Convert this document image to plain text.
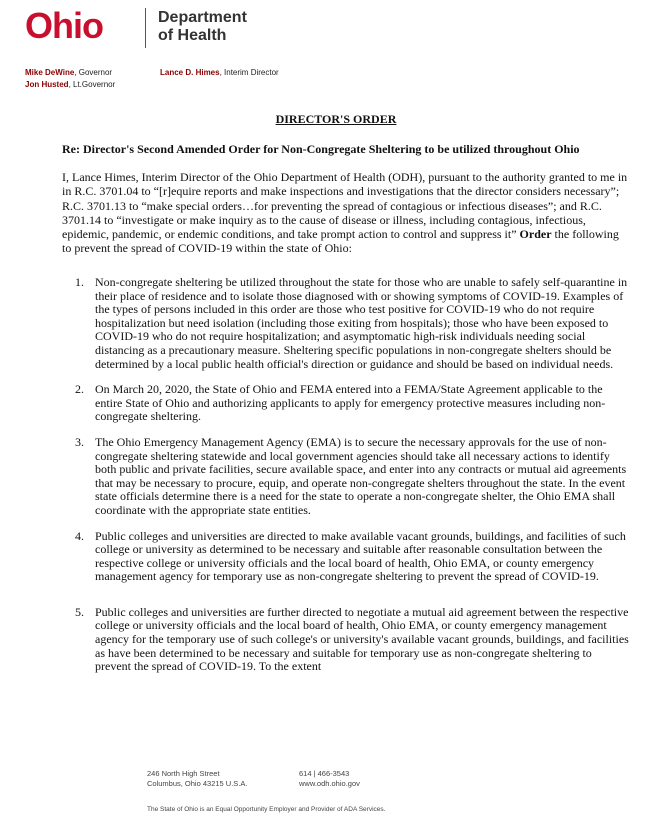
Ohio	Department
of Health
Mike DeWine, Governor
Jon Husted, Lt.Governor
Lance D. Himes, Interim Director
DIRECTOR'S ORDER
Re: Director's Second Amended Order for Non-Congregate Sheltering to be utilized throughout Ohio
I, Lance Himes, Interim Director of the Ohio Department of Health (ODH), pursuant to the authority granted to me in in R.C. 3701.04 to “[r]equire reports and make inspections and investigations that the director considers necessary”; R.C. 3701.13 to “make special orders…for preventing the spread of contagious or infectious diseases”; and R.C. 3701.14 to “investigate or make inquiry as to the cause of disease or illness, including contagious, infectious, epidemic, pandemic, or endemic conditions, and take prompt action to control and suppress it” Order the following to prevent the spread of COVID-19 within the state of Ohio:
1. Non-congregate sheltering be utilized throughout the state for those who are unable to safely self-quarantine in their place of residence and to isolate those diagnosed with or showing symptoms of COVID-19. Examples of the types of persons included in this order are those who test positive for COVID-19 who do not require hospitalization but need isolation (including those exiting from hospitals); those who have been exposed to COVID-19 who do not require hospitalization; and asymptomatic high-risk individuals needing social distancing as a precautionary measure. Sheltering specific populations in non-congregate shelters should be determined by a local public health official's direction or guidance and should be based on individual needs.
2. On March 20, 2020, the State of Ohio and FEMA entered into a FEMA/State Agreement applicable to the entire State of Ohio and authorizing applicants to apply for emergency protective measures including non-congregate sheltering.
3. The Ohio Emergency Management Agency (EMA) is to secure the necessary approvals for the use of non-congregate sheltering statewide and local government agencies should take all necessary actions to identify both public and private facilities, secure available space, and enter into any contracts or mutual aid agreements that may be necessary to procure, equip, and operate non-congregate shelters throughout the state. In the event state officials determine there is a need for the state to operate a non-congregate shelter, the Ohio EMA shall coordinate with the appropriate state entities.
4. Public colleges and universities are directed to make available vacant grounds, buildings, and facilities of such college or university as determined to be necessary and suitable after reasonable consultation between the respective college or university officials and the local board of health, Ohio EMA, or county emergency management agency for temporary use as non-congregate sheltering to prevent the spread of COVID-19.
5. Public colleges and universities are further directed to negotiate a mutual aid agreement between the respective college or university officials and the local board of health, Ohio EMA, or county emergency management agency for the temporary use of such college's or university's available vacant grounds, buildings, and facilities as have been determined to be necessary and suitable for temporary use as non-congregate sheltering to prevent the spread of COVID-19. To the extent
246 North High Street
Columbus, Ohio 43215 U.S.A.
614 | 466-3543
www.odh.ohio.gov
The State of Ohio is an Equal Opportunity Employer and Provider of ADA Services.
